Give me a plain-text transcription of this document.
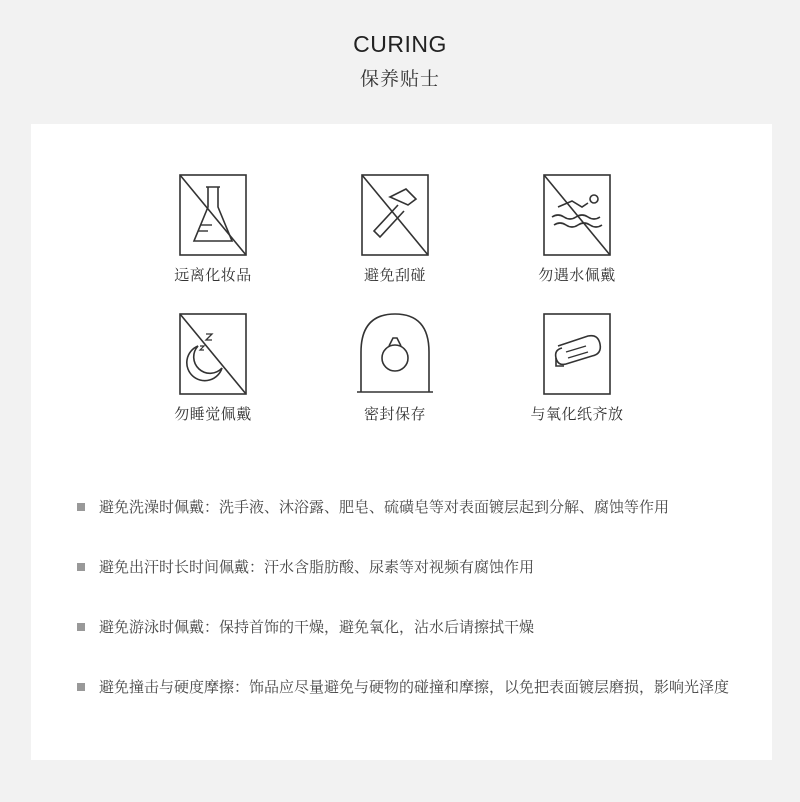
CURING
保养贴士
远离化妆品	避免刮碰	勿遇水佩戴
勿睡觉佩戴	密封保存	与氧化纸齐放
避免洗澡时佩戴：洗手液、沐浴露、肥皂、硫磺皂等对表面镀层起到分解、腐蚀等作用
避免出汗时长时间佩戴：汗水含脂肪酸、尿素等对视频有腐蚀作用
避免游泳时佩戴：保持首饰的干燥，避免氧化，沾水后请擦拭干燥
避免撞击与硬度摩擦：饰品应尽量避免与硬物的碰撞和摩擦，以免把表面镀层磨损，影响光泽度
